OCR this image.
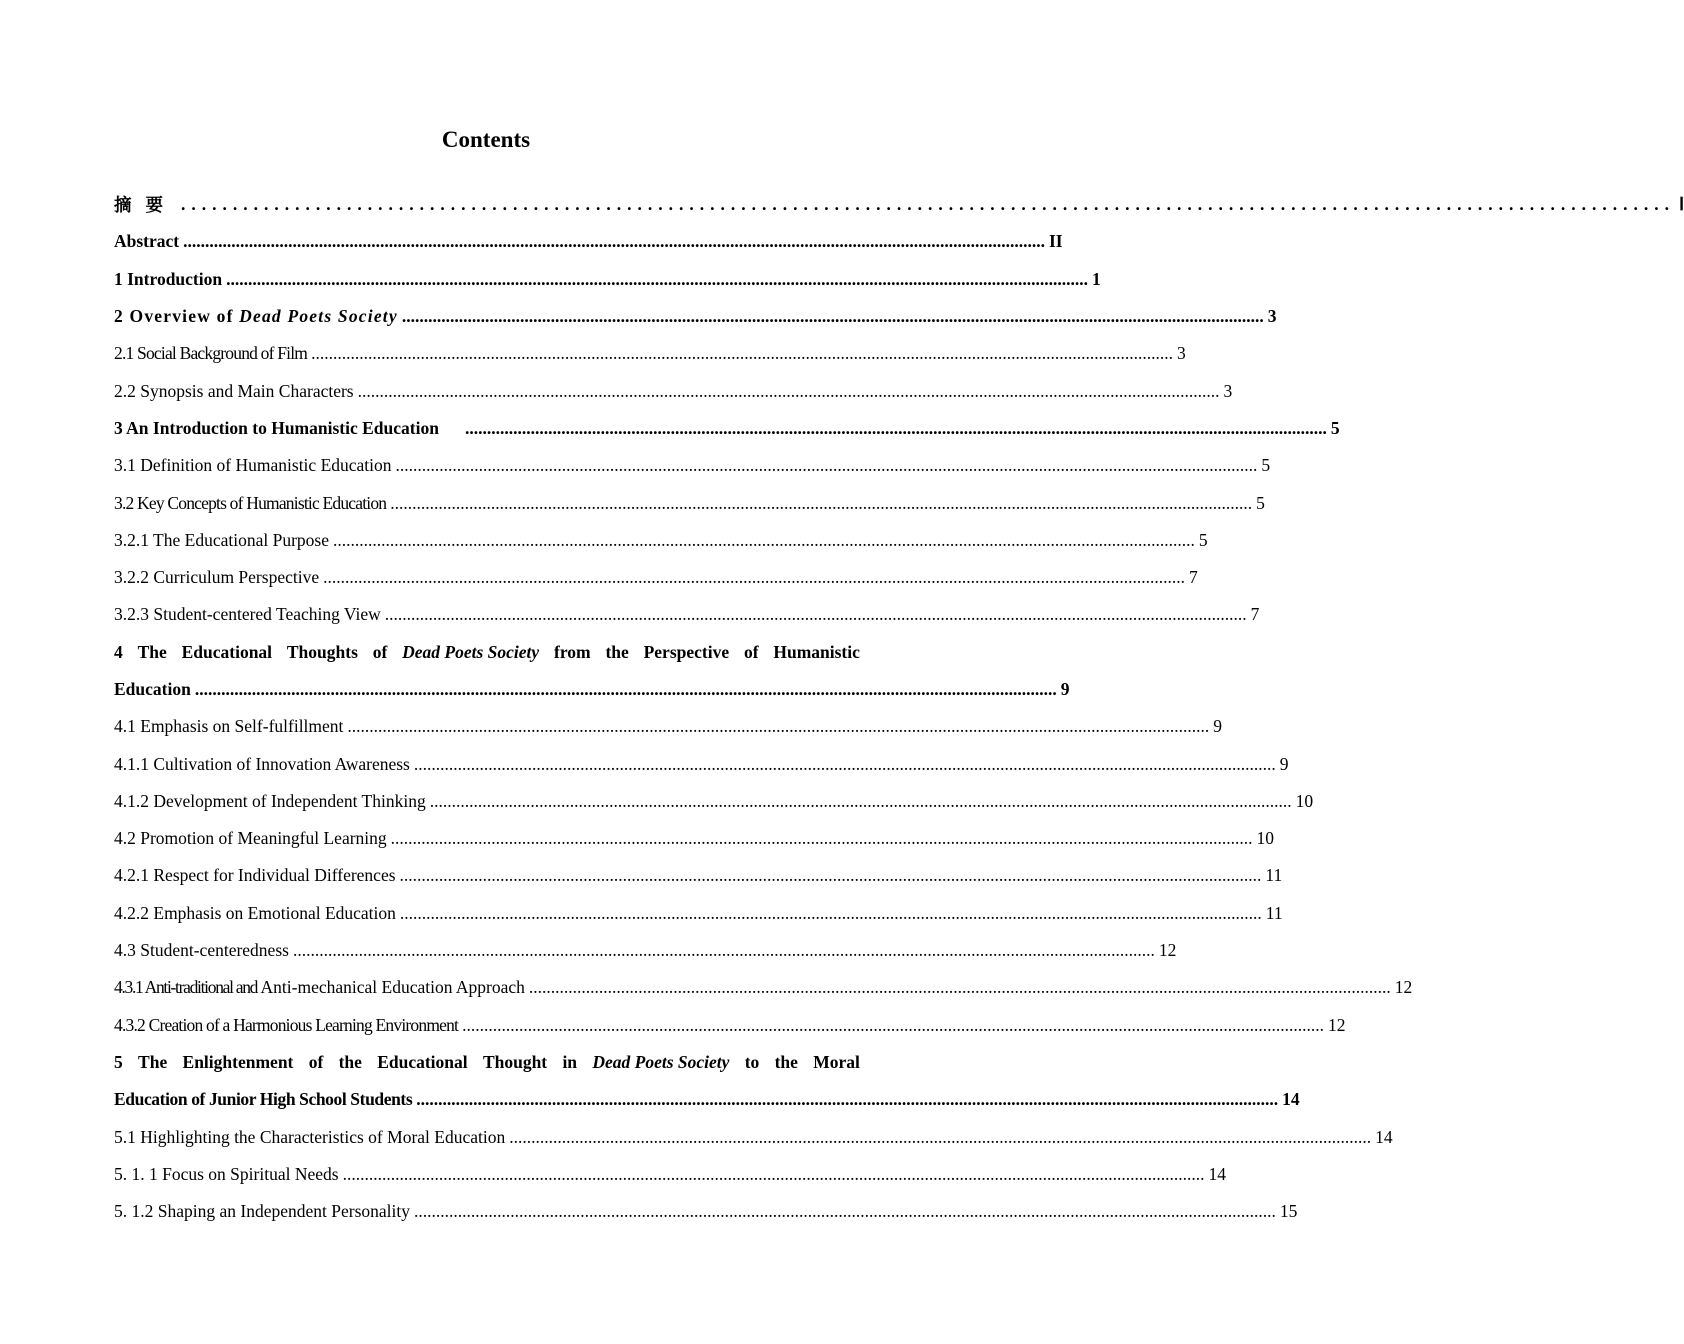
Contents
摘要 ................................................................................................................................................ Ⅰ
Abstract ..................................................................................................................................................................................................... II
1 Introduction ..................................................................................................................................................................................................... 1
2 Overview of Dead Poets Society ..................................................................................................................................................................................................... 3
2.1 Social Background of Film ..................................................................................................................................................................................................... 3
2.2 Synopsis and Main Characters ..................................................................................................................................................................................................... 3
3 An Introduction to Humanistic Education ..................................................................................................................................................................................................... 5
3.1 Definition of Humanistic Education ..................................................................................................................................................................................................... 5
3.2 Key Concepts of Humanistic Education ..................................................................................................................................................................................................... 5
3.2.1 The Educational Purpose ..................................................................................................................................................................................................... 5
3.2.2 Curriculum Perspective ..................................................................................................................................................................................................... 7
3.2.3 Student-centered Teaching View ..................................................................................................................................................................................................... 7
4 The Educational Thoughts of Dead Poets Society from the Perspective of Humanistic
Education ..................................................................................................................................................................................................... 9
4.1 Emphasis on Self-fulfillment ..................................................................................................................................................................................................... 9
4.1.1 Cultivation of Innovation Awareness ..................................................................................................................................................................................................... 9
4.1.2 Development of Independent Thinking ..................................................................................................................................................................................................... 10
4.2 Promotion of Meaningful Learning ..................................................................................................................................................................................................... 10
4.2.1 Respect for Individual Differences ..................................................................................................................................................................................................... 11
4.2.2 Emphasis on Emotional Education ..................................................................................................................................................................................................... 11
4.3 Student-centeredness ..................................................................................................................................................................................................... 12
4.3.1 Anti-traditional and Anti-mechanical Education Approach ..................................................................................................................................................................................................... 12
4.3.2 Creation of a Harmonious Learning Environment ..................................................................................................................................................................................................... 12
5 The Enlightenment of the Educational Thought in Dead Poets Society to the Moral
Education of Junior High School Students ..................................................................................................................................................................................................... 14
5.1 Highlighting the Characteristics of Moral Education ..................................................................................................................................................................................................... 14
5. 1. 1 Focus on Spiritual Needs ..................................................................................................................................................................................................... 14
5. 1.2 Shaping an Independent Personality ..................................................................................................................................................................................................... 15
